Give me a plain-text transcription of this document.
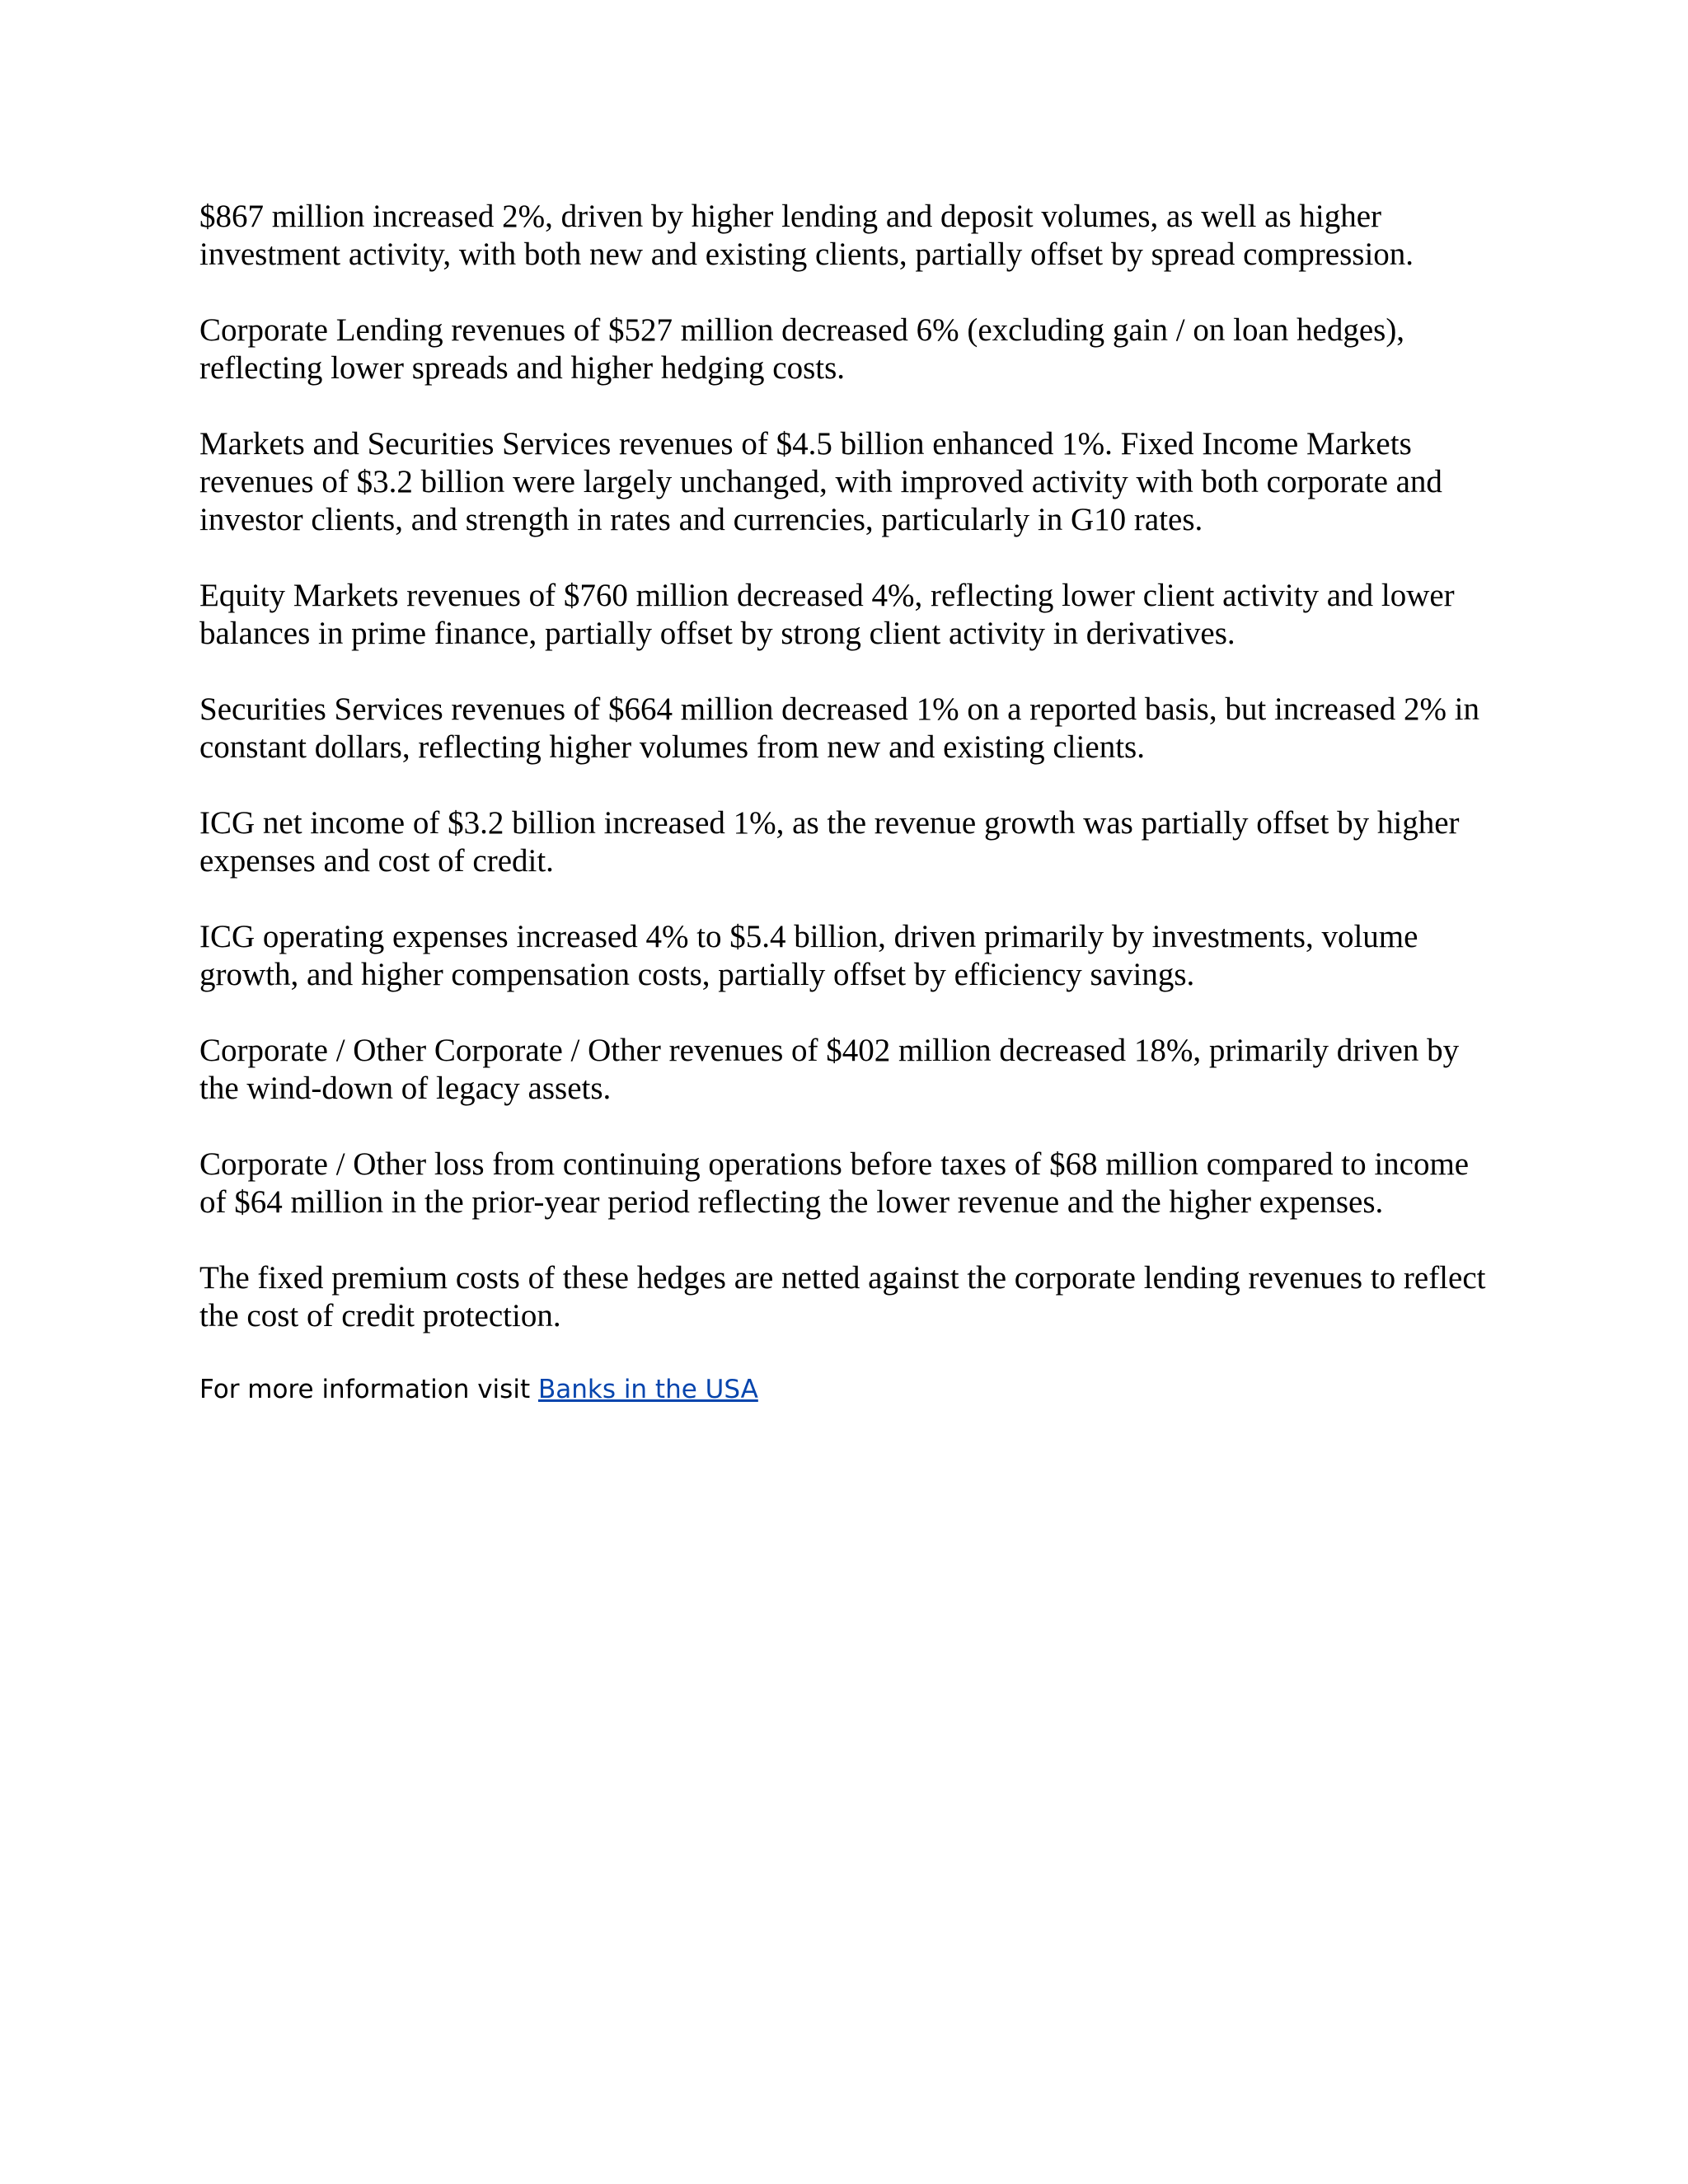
$867 million increased 2%, driven by higher lending and deposit volumes, as well as higher investment activity, with both new and existing clients, partially offset by spread compression.

Corporate Lending revenues of $527 million decreased 6% (excluding gain / on loan hedges), reflecting lower spreads and higher hedging costs.

Markets and Securities Services revenues of $4.5 billion enhanced 1%. Fixed Income Markets revenues of $3.2 billion were largely unchanged, with improved activity with both corporate and investor clients, and strength in rates and currencies, particularly in G10 rates.

Equity Markets revenues of $760 million decreased 4%, reflecting lower client activity and lower balances in prime finance, partially offset by strong client activity in derivatives.

Securities Services revenues of $664 million decreased 1% on a reported basis, but increased 2% in constant dollars, reflecting higher volumes from new and existing clients.

ICG net income of $3.2 billion increased 1%, as the revenue growth was partially offset by higher expenses and cost of credit.

ICG operating expenses increased 4% to $5.4 billion, driven primarily by investments, volume growth, and higher compensation costs, partially offset by efficiency savings.

Corporate / Other Corporate / Other revenues of $402 million decreased 18%, primarily driven by the wind-down of legacy assets.

Corporate / Other loss from continuing operations before taxes of $68 million compared to income of $64 million in the prior-year period reflecting the lower revenue and the higher expenses.

The fixed premium costs of these hedges are netted against the corporate lending revenues to reflect the cost of credit protection.

For more information visit Banks in the USA
